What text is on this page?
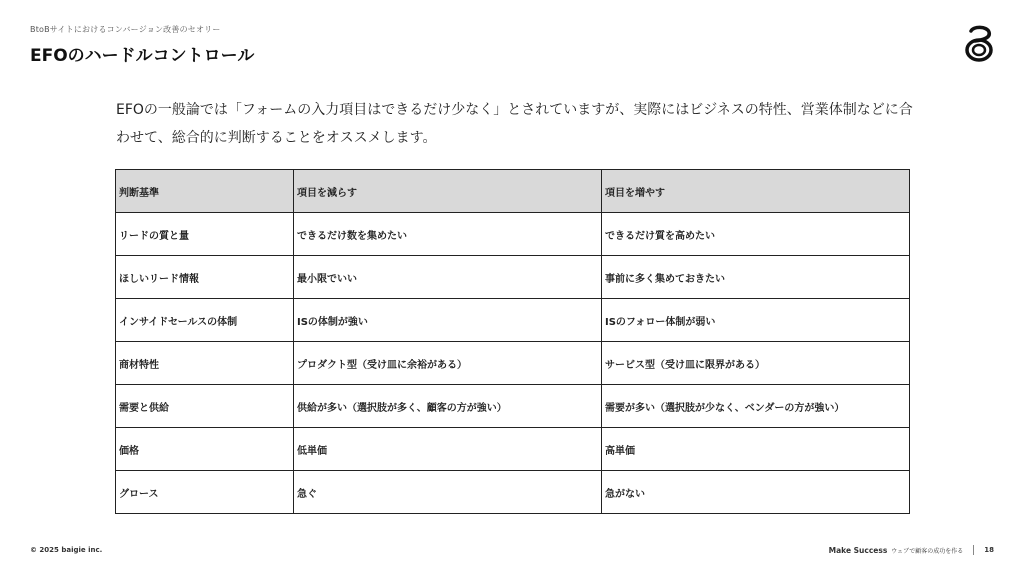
BtoBサイトにおけるコンバージョン改善のセオリー
EFOのハードルコントロール

EFOの一般論では「フォームの入力項目はできるだけ少なく」とされていますが、実際にはビジネスの特性、営業体制などに合わせて、総合的に判断することをオススメします。

判断基準	項目を減らす	項目を増やす
リードの質と量	できるだけ数を集めたい	できるだけ質を高めたい
ほしいリード情報	最小限でいい	事前に多く集めておきたい
インサイドセールスの体制	ISの体制が強い	ISのフォロー体制が弱い
商材特性	プロダクト型（受け皿に余裕がある）	サービス型（受け皿に限界がある）
需要と供給	供給が多い（選択肢が多く、顧客の方が強い）	需要が多い（選択肢が少なく、ベンダーの方が強い）
価格	低単価	高単価
グロース	急ぐ	急がない
© 2025 baigie inc.	Make Success ウェブで顧客の成功を作る	18
